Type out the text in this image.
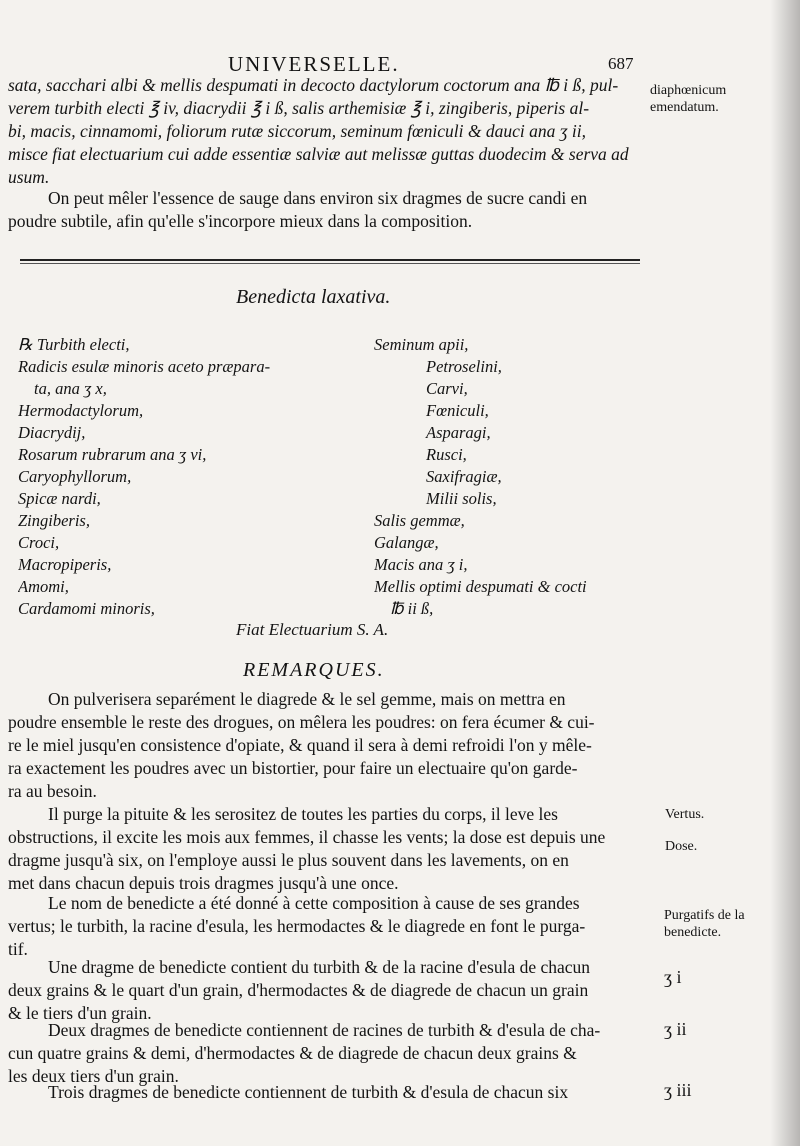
UNIVERSELLE.	687
sata, sacchari albi & mellis despumati in decocto dactylorum coctorum ana ℔ i ß, pul-
verem turbith electi ℥ iv, diacrydii ℥ i ß, salis arthemisiæ ℥ i, zingiberis, piperis al-
bi, macis, cinnamomi, foliorum rutæ siccorum, seminum fœniculi & dauci ana ʒ ii,
misce fiat electuarium cui adde essentiæ salviæ aut melissæ guttas duodecim & serva ad
usum.
diaphœnicum
emendatum.
On peut mêler l'essence de sauge dans environ six dragmes de sucre candi en
poudre subtile, afin qu'elle s'incorpore mieux dans la composition.
Benedicta laxativa.
℞ Turbith electi,
Radicis esulæ minoris aceto præpara-
ta, ana ʒ x,
Hermodactylorum,
Diacrydij,
Rosarum rubrarum ana ʒ vi,
Caryophyllorum,
Spicæ nardi,
Zingiberis,
Croci,
Macropiperis,
Amomi,
Cardamomi minoris,
Seminum apii,
Petroselini,
Carvi,
Fœniculi,
Asparagi,
Rusci,
Saxifragiæ,
Milii solis,
Salis gemmæ,
Galangæ,
Macis ana ʒ i,
Mellis optimi despumati & cocti
℔ ii ß,
Fiat Electuarium S. A.
REMARQUES.
On pulverisera separément le diagrede & le sel gemme, mais on mettra en
poudre ensemble le reste des drogues, on mêlera les poudres: on fera écumer & cui-
re le miel jusqu'en consistence d'opiate, & quand il sera à demi refroidi l'on y mêle-
ra exactement les poudres avec un bistortier, pour faire un electuaire qu'on garde-
ra au besoin.
Il purge la pituite & les serositez de toutes les parties du corps, il leve les
obstructions, il excite les mois aux femmes, il chasse les vents; la dose est depuis une
dragme jusqu'à six, on l'employe aussi le plus souvent dans les lavements, on en
met dans chacun depuis trois dragmes jusqu'à une once.
Le nom de benedicte a été donné à cette composition à cause de ses grandes
vertus; le turbith, la racine d'esula, les hermodactes & le diagrede en font le purga-
tif.
Une dragme de benedicte contient du turbith & de la racine d'esula de chacun
deux grains & le quart d'un grain, d'hermodactes & de diagrede de chacun un grain
& le tiers d'un grain.
Deux dragmes de benedicte contiennent de racines de turbith & d'esula de cha-
cun quatre grains & demi, d'hermodactes & de diagrede de chacun deux grains &
les deux tiers d'un grain.
Trois dragmes de benedicte contiennent de turbith & d'esula de chacun six
Vertus.
Dose.
Purgatifs de la
benedicte.
ʒ i
ʒ ii
ʒ iii
